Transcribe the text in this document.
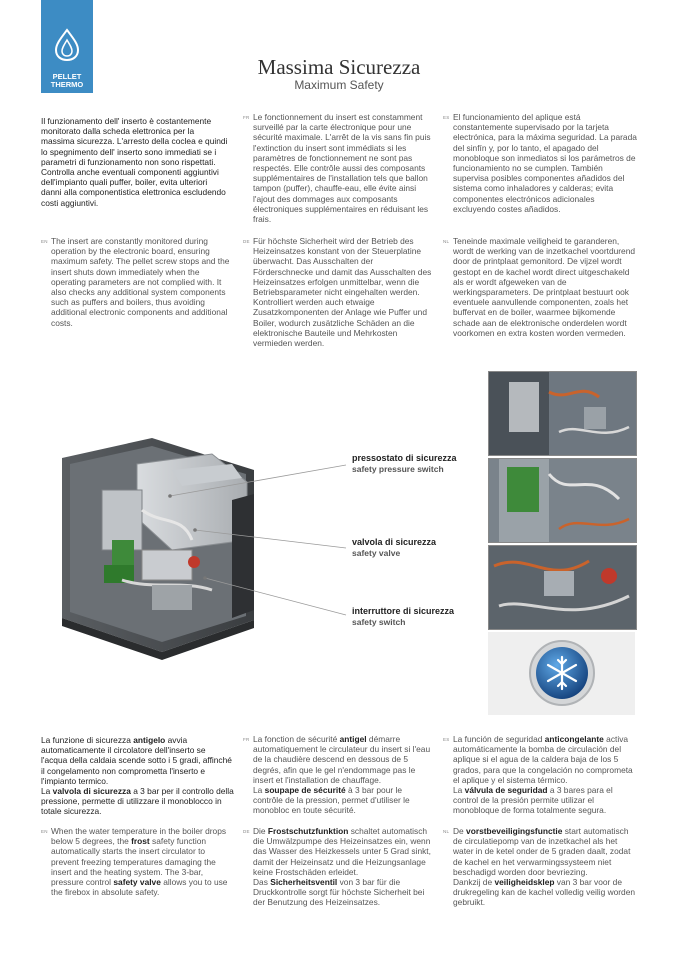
PELLET
THERMO
Massima Sicurezza
Maximum Safety
Il funzionamento dell' inserto è costantemente monitorato dalla scheda elettronica per la massima sicurezza. L'arresto della coclea e quindi lo spegnimento dell' inserto sono immediati se i parametri di funzionamento non sono rispettati. Controlla anche eventuali componenti aggiuntivi dell'impianto quali puffer, boiler, evita ulteriori danni alla componentistica elettronica escludendo costi aggiuntivi.
FR Le fonctionnement du insert est constamment surveillé par la carte électronique pour une sécurité maximale. L'arrêt de la vis sans fin puis l'extinction du insert sont immédiats si les paramètres de fonctionnement ne sont pas respectés. Elle contrôle aussi des composants supplémentaires de l'installation tels que ballon tampon (puffer), chauffe-eau, elle évite ainsi l'ajout des dommages aux composants électroniques supplémentaires en réduisant les frais.
ES El funcionamiento del aplique está constantemente supervisado por la tarjeta electrónica, para la máxima seguridad. La parada del sinfín y, por lo tanto, el apagado del monobloque son inmediatos si los parámetros de funcionamiento no se cumplen. También supervisa posibles componentes añadidos del sistema como inhaladores y calderas; evita componentes electrónicos adicionales excluyendo costes añadidos.
EN The insert are constantly monitored during operation by the electronic board, ensuring maximum safety. The pellet screw stops and the insert shuts down immediately when the operating parameters are not complied with. It also checks any additional system components such as puffers and boilers, thus avoiding additional electronic components and additional costs.
DE Für höchste Sicherheit wird der Betrieb des Heizeinsatzes konstant von der Steuerplatine überwacht. Das Ausschalten der Förderschnecke und damit das Ausschalten des Heizeinsatzes erfolgen unmittelbar, wenn die Betriebsparameter nicht eingehalten werden. Kontrolliert werden auch etwaige Zusatzkomponenten der Anlage wie Puffer und Boiler, wodurch zusätzliche Schäden an die elektronische Bauteile und Mehrkosten vermieden werden.
NL Teneinde maximale veiligheid te garanderen, wordt de werking van de inzetkachel voortdurend door de printplaat gemonitord. De vijzel wordt gestopt en de kachel wordt direct uitgeschakeld als er wordt afgeweken van de werkingsparameters. De printplaat bestuurt ook eventuele aanvullende componenten, zoals het buffervat en de boiler, waarmee bijkomende schade aan de elektronische onderdelen wordt voorkomen en extra kosten worden vermeden.
pressostato di sicurezza
safety pressure switch
valvola di sicurezza
safety valve
interruttore di sicurezza
safety switch
La funzione di sicurezza antigelo avvia automaticamente il circolatore dell'inserto se l'acqua della caldaia scende sotto i 5 gradi, affinché il congelamento non comprometta l'inserto e l'impianto termico.
La valvola di sicurezza a 3 bar per il controllo della pressione, permette di utilizzare il monoblocco in totale sicurezza.
FR La fonction de sécurité antigel démarre automatiquement le circulateur du insert si l'eau de la chaudière descend en dessous de 5 degrés, afin que le gel n'endommage pas le insert et l'installation de chauffage.
La soupape de sécurité à 3 bar pour le contrôle de la pression, permet d'utiliser le monobloc en toute sécurité.
ES La función de seguridad anticongelante activa automáticamente la bomba de circulación del aplique si el agua de la caldera baja de los 5 grados, para que la congelación no comprometa el aplique y el sistema térmico.
La válvula de seguridad a 3 bares para el control de la presión permite utilizar el monobloque de forma totalmente segura.
EN When the water temperature in the boiler drops below 5 degrees, the frost safety function automatically starts the insert circulator to prevent freezing temperatures damaging the insert and the heating system. The 3-bar, pressure control safety valve allows you to use the firebox in absolute safety.
DE Die Frostschutzfunktion schaltet automatisch die Umwälzpumpe des Heizeinsatzes ein, wenn das Wasser des Heizkessels unter 5 Grad sinkt, damit der Heizeinsatz und die Heizungsanlage keine Frostschäden erleidet.
Das Sicherheitsventil von 3 bar für die Druckkontrolle sorgt für höchste Sicherheit bei der Benutzung des Heizeinsatzes.
NL De vorstbeveiligingsfunctie start automatisch de circulatiepomp van de inzetkachel als het water in de ketel onder de 5 graden daalt, zodat de kachel en het verwarmingssysteem niet beschadigd worden door bevriezing.
Dankzij de veiligheidsklep van 3 bar voor de drukregeling kan de kachel volledig veilig worden gebruikt.
